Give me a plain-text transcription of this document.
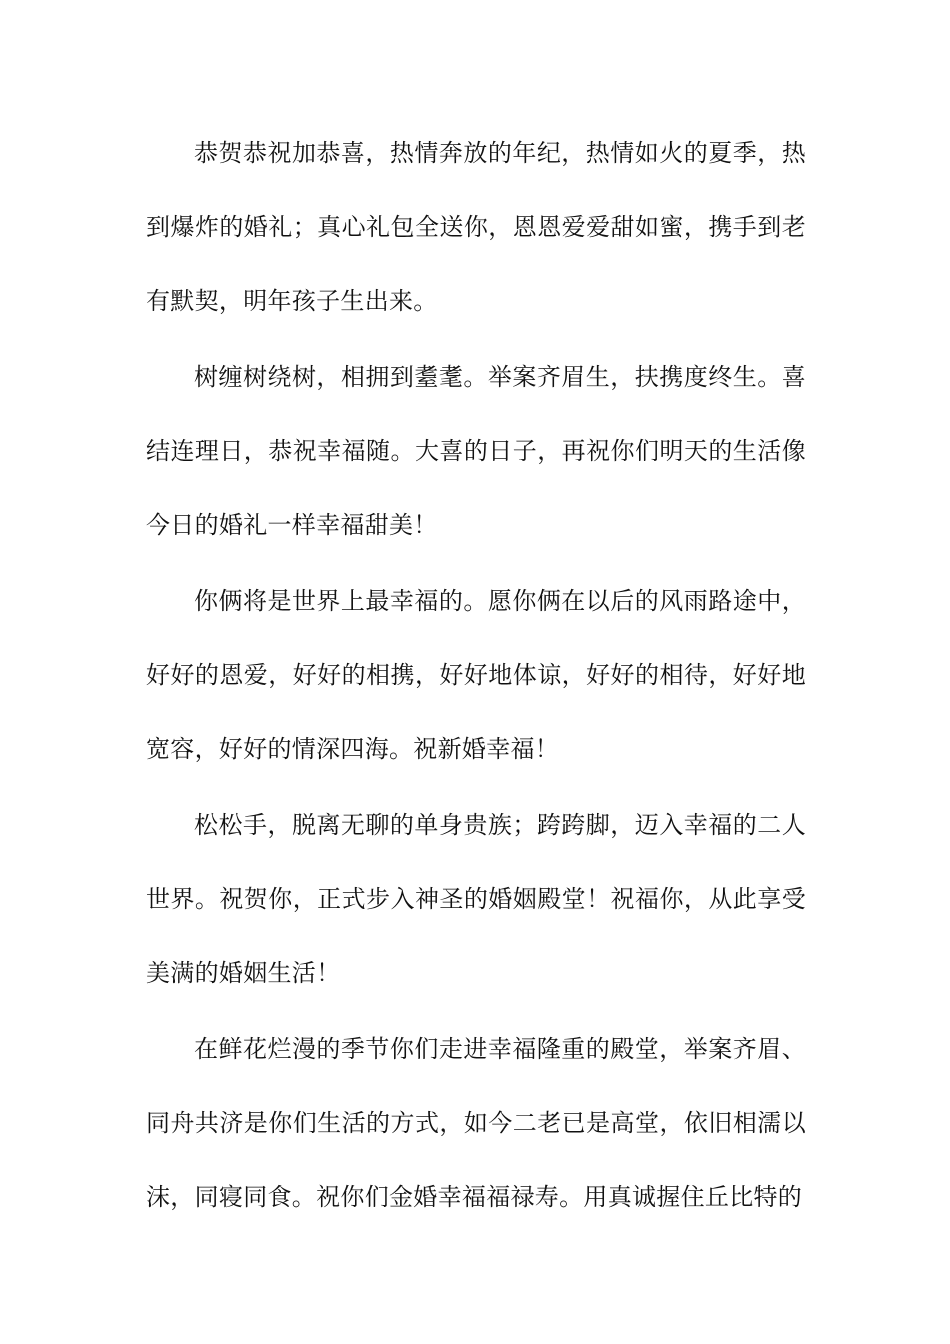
恭贺恭祝加恭喜，热情奔放的年纪，热情如火的夏季，热到爆炸的婚礼；真心礼包全送你，恩恩爱爱甜如蜜，携手到老有默契，明年孩子生出来。

树缠树绕树，相拥到耋耄。举案齐眉生，扶携度终生。喜结连理日，恭祝幸福随。大喜的日子，再祝你们明天的生活像今日的婚礼一样幸福甜美！

你俩将是世界上最幸福的。愿你俩在以后的风雨路途中，好好的恩爱，好好的相携，好好地体谅，好好的相待，好好地宽容，好好的情深四海。祝新婚幸福！

松松手，脱离无聊的单身贵族；跨跨脚，迈入幸福的二人世界。祝贺你，正式步入神圣的婚姻殿堂！祝福你，从此享受美满的婚姻生活！

在鲜花烂漫的季节你们走进幸福隆重的殿堂，举案齐眉、同舟共济是你们生活的方式，如今二老已是高堂，依旧相濡以沫，同寝同食。祝你们金婚幸福福禄寿。用真诚握住丘比特的
